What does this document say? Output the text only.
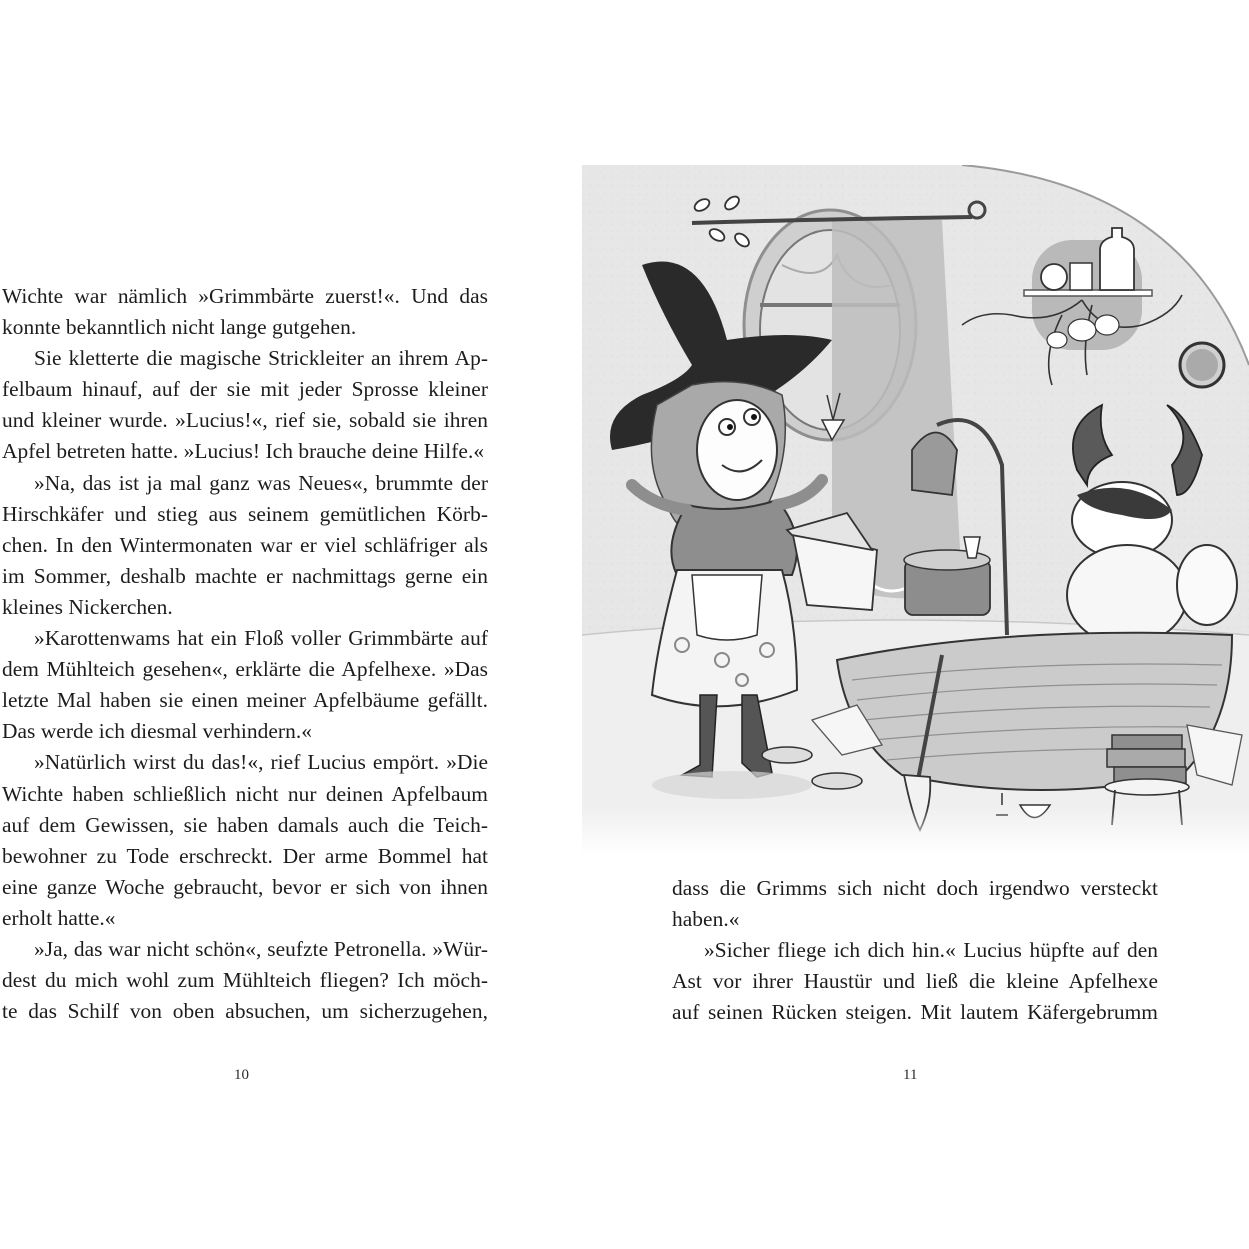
Wichte war nämlich »Grimmbärte zuerst!«. Und das
konnte bekanntlich nicht lange gutgehen.
Sie kletterte die magische Strickleiter an ihrem Ap-
felbaum hinauf, auf der sie mit jeder Sprosse kleiner
und kleiner wurde. »Lucius!«, rief sie, sobald sie ihren
Apfel betreten hatte. »Lucius! Ich brauche deine Hilfe.«
»Na, das ist ja mal ganz was Neues«, brummte der
Hirschkäfer und stieg aus seinem gemütlichen Körb-
chen. In den Wintermonaten war er viel schläfriger als
im Sommer, deshalb machte er nachmittags gerne ein
kleines Nickerchen.
»Karottenwams hat ein Floß voller Grimmbärte auf
dem Mühlteich gesehen«, erklärte die Apfelhexe. »Das
letzte Mal haben sie einen meiner Apfelbäume gefällt.
Das werde ich diesmal verhindern.«
»Natürlich wirst du das!«, rief Lucius empört. »Die
Wichte haben schließlich nicht nur deinen Apfelbaum
auf dem Gewissen, sie haben damals auch die Teich-
bewohner zu Tode erschreckt. Der arme Bommel hat
eine ganze Woche gebraucht, bevor er sich von ihnen
erholt hatte.«
»Ja, das war nicht schön«, seufzte Petronella. »Wür-
dest du mich wohl zum Mühlteich fliegen? Ich möch-
te das Schilf von oben absuchen, um sicherzugehen,
10
dass die Grimms sich nicht doch irgendwo versteckt
haben.«
»Sicher fliege ich dich hin.« Lucius hüpfte auf den
Ast vor ihrer Haustür und ließ die kleine Apfelhexe
auf seinen Rücken steigen. Mit lautem Käfergebrumm
11
